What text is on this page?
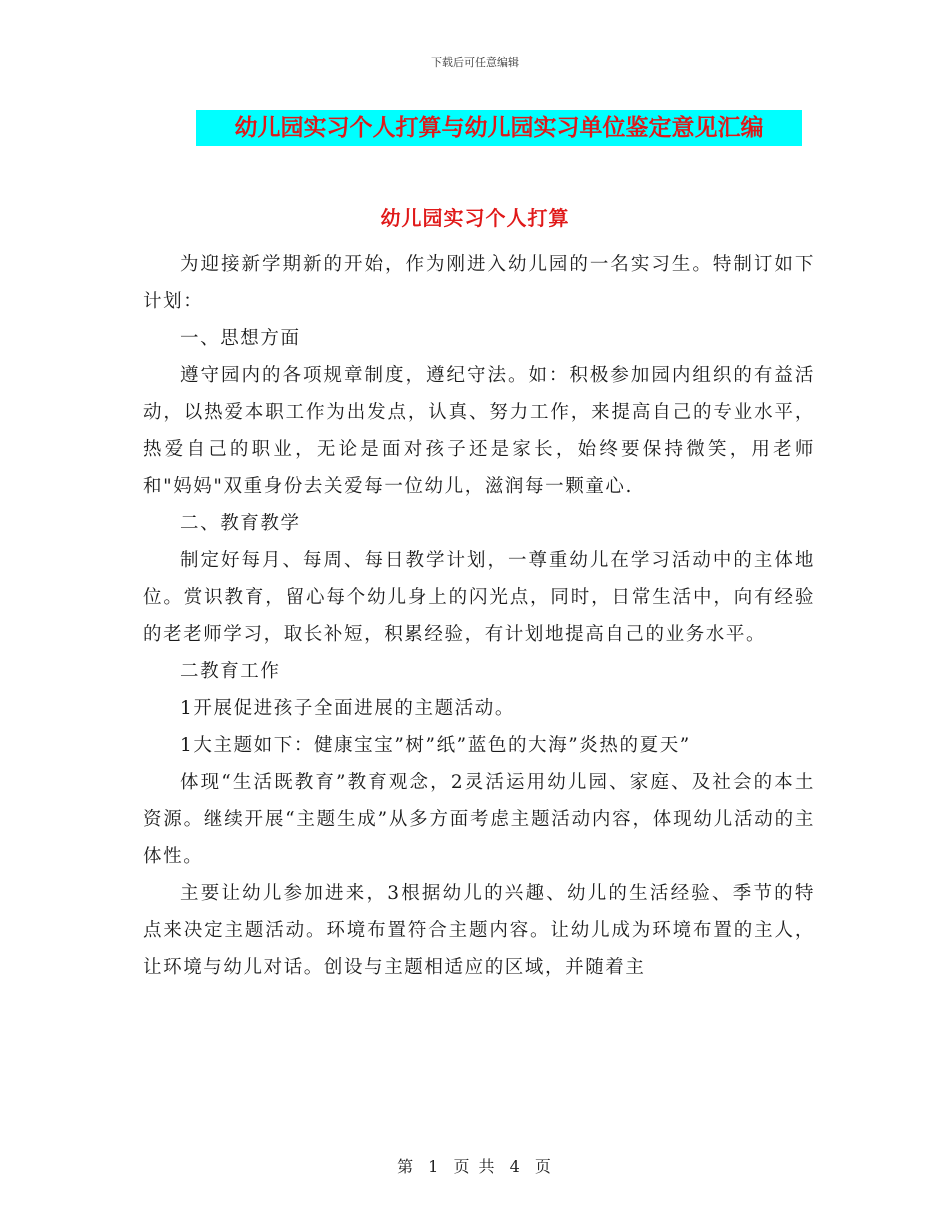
下载后可任意编辑
幼儿园实习个人打算与幼儿园实习单位鉴定意见汇编
幼儿园实习个人打算

为迎接新学期新的开始，作为刚进入幼儿园的一名实习生。特制订如下计划：

一、思想方面

遵守园内的各项规章制度，遵纪守法。如：积极参加园内组织的有益活动，以热爱本职工作为出发点，认真、努力工作，来提高自己的专业水平，热爱自己的职业，无论是面对孩子还是家长，始终要保持微笑，用老师和"妈妈"双重身份去关爱每一位幼儿，滋润每一颗童心.

二、教育教学

制定好每月、每周、每日教学计划，一尊重幼儿在学习活动中的主体地位。赏识教育，留心每个幼儿身上的闪光点，同时，日常生活中，向有经验的老老师学习，取长补短，积累经验，有计划地提高自己的业务水平。

二教育工作

1开展促进孩子全面进展的主题活动。

1大主题如下：健康宝宝”树”纸”蓝色的大海”炎热的夏天”

体现“生活既教育”教育观念，2灵活运用幼儿园、家庭、及社会的本土资源。继续开展“主题生成”从多方面考虑主题活动内容，体现幼儿活动的主体性。

主要让幼儿参加进来，3根据幼儿的兴趣、幼儿的生活经验、季节的特点来决定主题活动。环境布置符合主题内容。让幼儿成为环境布置的主人，让环境与幼儿对话。创设与主题相适应的区域，并随着主

第 1 页 共 4 页
